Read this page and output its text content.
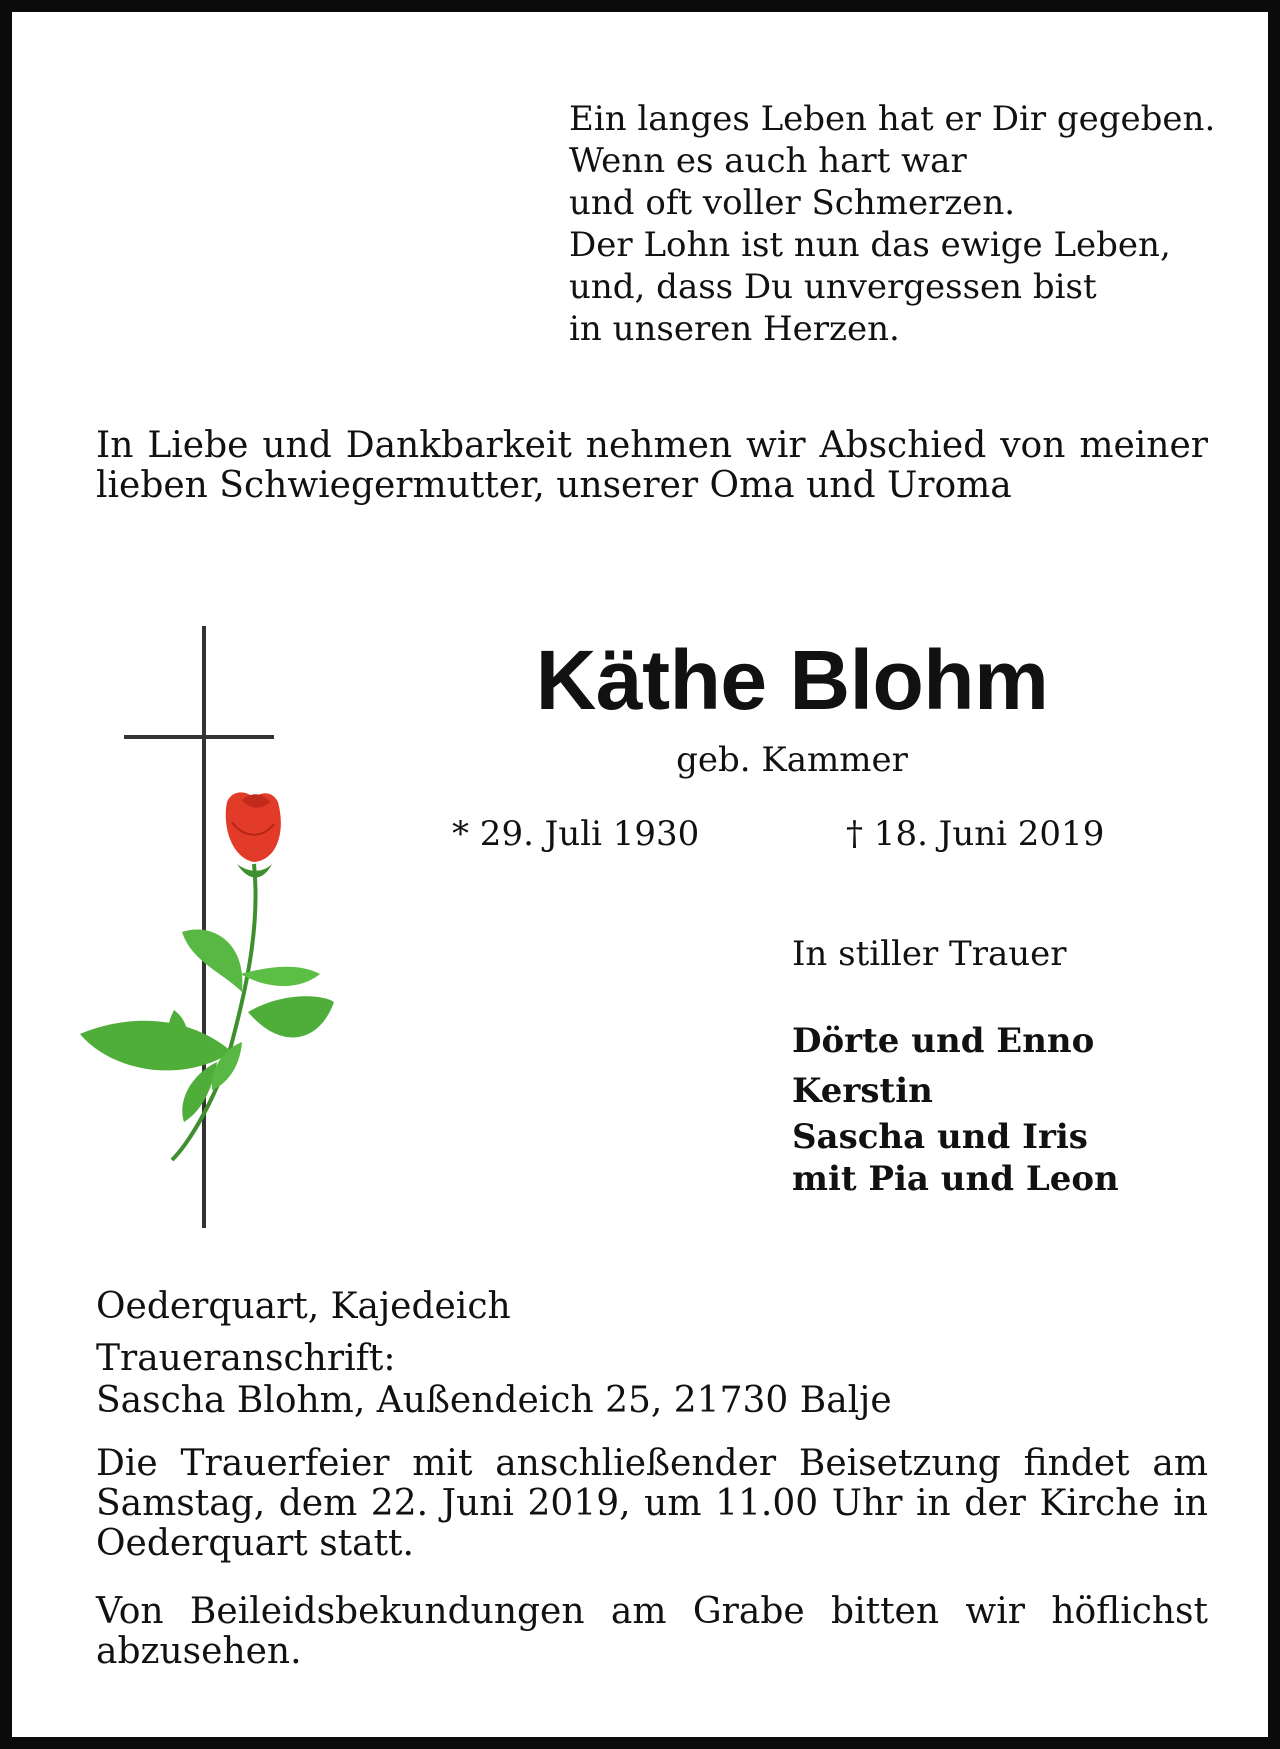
Ein langes Leben hat er Dir gegeben.
Wenn es auch hart war
und oft voller Schmerzen.
Der Lohn ist nun das ewige Leben,
und, dass Du unvergessen bist
in unseren Herzen.
In Liebe und Dankbarkeit nehmen wir Abschied von meiner lieben Schwiegermutter, unserer Oma und Uroma
Käthe Blohm
geb. Kammer
* 29. Juli 1930	† 18. Juni 2019
In stiller Trauer
Dörte und Enno
Kerstin
Sascha und Iris
mit Pia und Leon
Oederquart, Kajedeich
Traueranschrift:
Sascha Blohm, Außendeich 25, 21730 Balje
Die Trauerfeier mit anschließender Beisetzung findet am Samstag, dem 22. Juni 2019, um 11.00 Uhr in der Kirche in Oederquart statt.
Von Beileidsbekundungen am Grabe bitten wir höflichst abzusehen.
